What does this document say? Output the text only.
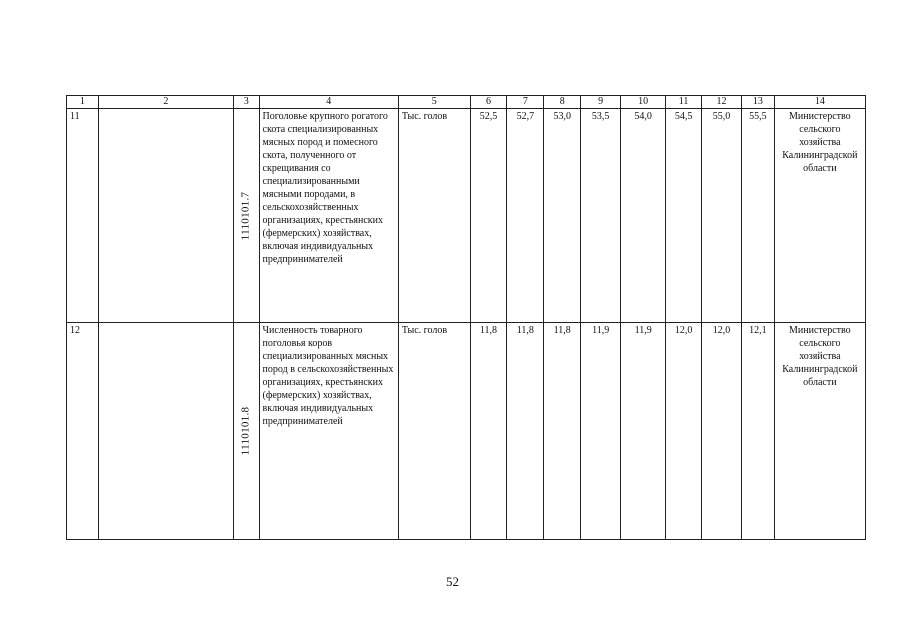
1	2	3	4	5	6	7	8	9	10	11	12	13	14
11		1110101.7	Поголовье крупного рогатого скота специализированных мясных пород и помесного скота, полученного от скрещивания со специализированными мясными породами, в сельскохозяйственных организациях, крестьянских (фермерских) хозяйствах, включая индивидуальных предпринимателей	Тыс. голов	52,5	52,7	53,0	53,5	54,0	54,5	55,0	55,5	Министерство сельского хозяйства Калининградской области
12		1110101.8	Численность товарного поголовья коров специализированных мясных пород в сельскохозяйственных организациях, крестьянских (фермерских) хозяйствах, включая индивидуальных предпринимателей	Тыс. голов	11,8	11,8	11,8	11,9	11,9	12,0	12,0	12,1	Министерство сельского хозяйства Калининградской области
52
